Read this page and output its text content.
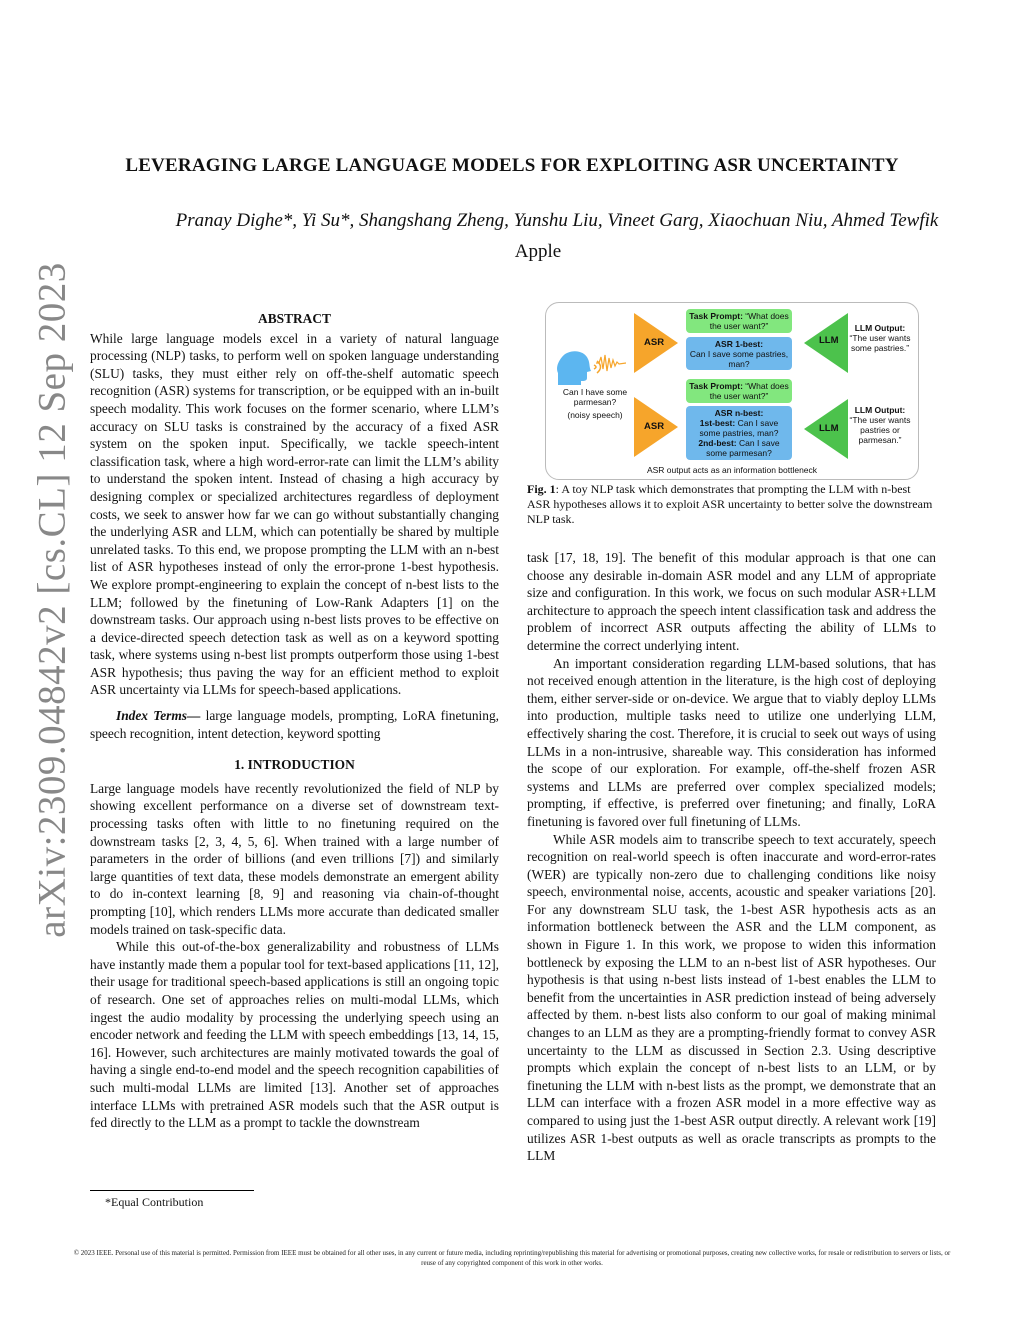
arXiv:2309.04842v2 [cs.CL] 12 Sep 2023
LEVERAGING LARGE LANGUAGE MODELS FOR EXPLOITING ASR UNCERTAINTY
Pranay Dighe*, Yi Su*, Shangshang Zheng, Yunshu Liu, Vineet Garg, Xiaochuan Niu, Ahmed Tewfik
Apple

ABSTRACT

While large language models excel in a variety of natural language processing (NLP) tasks, to perform well on spoken language understanding (SLU) tasks, they must either rely on off-the-shelf automatic speech recognition (ASR) systems for transcription, or be equipped with an in-built speech modality. This work focuses on the former scenario, where LLM’s accuracy on SLU tasks is constrained by the accuracy of a fixed ASR system on the spoken input. Specifically, we tackle speech-intent classification task, where a high word-error-rate can limit the LLM’s ability to understand the spoken intent. Instead of chasing a high accuracy by designing complex or specialized architectures regardless of deployment costs, we seek to answer how far we can go without substantially changing the underlying ASR and LLM, which can potentially be shared by multiple unrelated tasks. To this end, we propose prompting the LLM with an n-best list of ASR hypotheses instead of only the error-prone 1-best hypothesis. We explore prompt-engineering to explain the concept of n-best lists to the LLM; followed by the finetuning of Low-Rank Adapters [1] on the downstream tasks. Our approach using n-best lists proves to be effective on a device-directed speech detection task as well as on a keyword spotting task, where systems using n-best list prompts outperform those using 1-best ASR hypothesis; thus paving the way for an efficient method to exploit ASR uncertainty via LLMs for speech-based applications.

Index Terms— large language models, prompting, LoRA finetuning, speech recognition, intent detection, keyword spotting

1. INTRODUCTION

Large language models have recently revolutionized the field of NLP by showing excellent performance on a diverse set of downstream text-processing tasks often with little to no finetuning required on the downstream tasks [2, 3, 4, 5, 6]. When trained with a large number of parameters in the order of billions (and even trillions [7]) and similarly large quantities of text data, these models demonstrate an emergent ability to do in-context learning [8, 9] and reasoning via chain-of-thought prompting [10], which renders LLMs more accurate than dedicated smaller models trained on task-specific data.

While this out-of-the-box generalizability and robustness of LLMs have instantly made them a popular tool for text-based applications [11, 12], their usage for traditional speech-based applications is still an ongoing topic of research. One set of approaches relies on multi-modal LLMs, which ingest the audio modality by processing the underlying speech using an encoder network and feeding the LLM with speech embeddings [13, 14, 15, 16]. However, such architectures are mainly motivated towards the goal of having a single end-to-end model and the speech recognition capabilities of such multi-modal LLMs are limited [13]. Another set of approaches interface LLMs with pretrained ASR models such that the ASR output is fed directly to the LLM as a prompt to tackle the downstream

Can I have some parmesan?
(noisy speech)
ASR
Task Prompt: “What does the user want?”
ASR 1-best:
Can I save some pastries, man?
LLM
LLM Output:
“The user wants some pastries.”
ASR
Task Prompt: “What does the user want?”
ASR n-best:
1st-best: Can I save some pastries, man?
2nd-best: Can I save some parmesan?
LLM
LLM Output:
“The user wants pastries or parmesan.”
ASR output acts as an information bottleneck
Fig. 1: A toy NLP task which demonstrates that prompting the LLM with n-best ASR hypotheses allows it to exploit ASR uncertainty to better solve the downstream NLP task.

task [17, 18, 19]. The benefit of this modular approach is that one can choose any desirable in-domain ASR model and any LLM of appropriate size and configuration. In this work, we focus on such modular ASR+LLM architecture to approach the speech intent classification task and address the problem of incorrect ASR outputs affecting the ability of LLMs to determine the correct underlying intent.

An important consideration regarding LLM-based solutions, that has not received enough attention in the literature, is the high cost of deploying them, either server-side or on-device. We argue that to viably deploy LLMs into production, multiple tasks need to utilize one underlying LLM, effectively sharing the cost. Therefore, it is crucial to seek out ways of using LLMs in a non-intrusive, shareable way. This consideration has informed the scope of our exploration. For example, off-the-shelf frozen ASR systems and LLMs are preferred over complex specialized models; prompting, if effective, is preferred over finetuning; and finally, LoRA finetuning is favored over full finetuning of LLMs.

While ASR models aim to transcribe speech to text accurately, speech recognition on real-world speech is often inaccurate and word-error-rates (WER) are typically non-zero due to challenging conditions like noisy speech, environmental noise, accents, acoustic and speaker variations [20]. For any downstream SLU task, the 1-best ASR hypothesis acts as an information bottleneck between the ASR and the LLM component, as shown in Figure 1. In this work, we propose to widen this information bottleneck by exposing the LLM to an n-best list of ASR hypotheses. Our hypothesis is that using n-best lists instead of 1-best enables the LLM to benefit from the uncertainties in ASR prediction instead of being adversely affected by them. n-best lists also conform to our goal of making minimal changes to an LLM as they are a prompting-friendly format to convey ASR uncertainty to the LLM as discussed in Section 2.3. Using descriptive prompts which explain the concept of n-best lists to an LLM, or by finetuning the LLM with n-best lists as the prompt, we demonstrate that an LLM can interface with a frozen ASR model in a more effective way as compared to using just the 1-best ASR output directly. A relevant work [19] utilizes ASR 1-best outputs as well as oracle transcripts as prompts to the LLM

*Equal Contribution
© 2023 IEEE. Personal use of this material is permitted. Permission from IEEE must be obtained for all other uses, in any current or future media, including reprinting/republishing this material for advertising or promotional purposes, creating new collective works, for resale or redistribution to servers or lists, or reuse of any copyrighted component of this work in other works.
